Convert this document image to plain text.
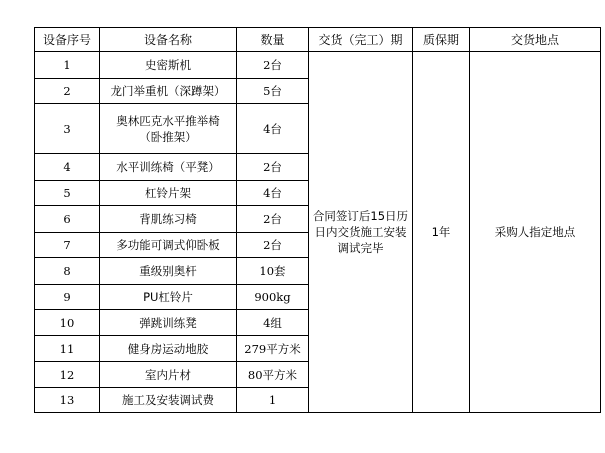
设备序号	设备名称	数量	交货（完工）期	质保期	交货地点
1	史密斯机	2台	合同签订后15日历日内交货施工安装调试完毕	1年	采购人指定地点
2	龙门举重机（深蹲架）	5台			
3	奥林匹克水平推举椅（卧推架）	4台			
4	水平训练椅（平凳）	2台			
5	杠铃片架	4台			
6	背肌练习椅	2台			
7	多功能可调式仰卧板	2台			
8	重级别奥杆	10套			
9	PU杠铃片	900kg			
10	弹跳训练凳	4组			
11	健身房运动地胶	279平方米			
12	室内片材	80平方米			
13	施工及安装调试费	1			
